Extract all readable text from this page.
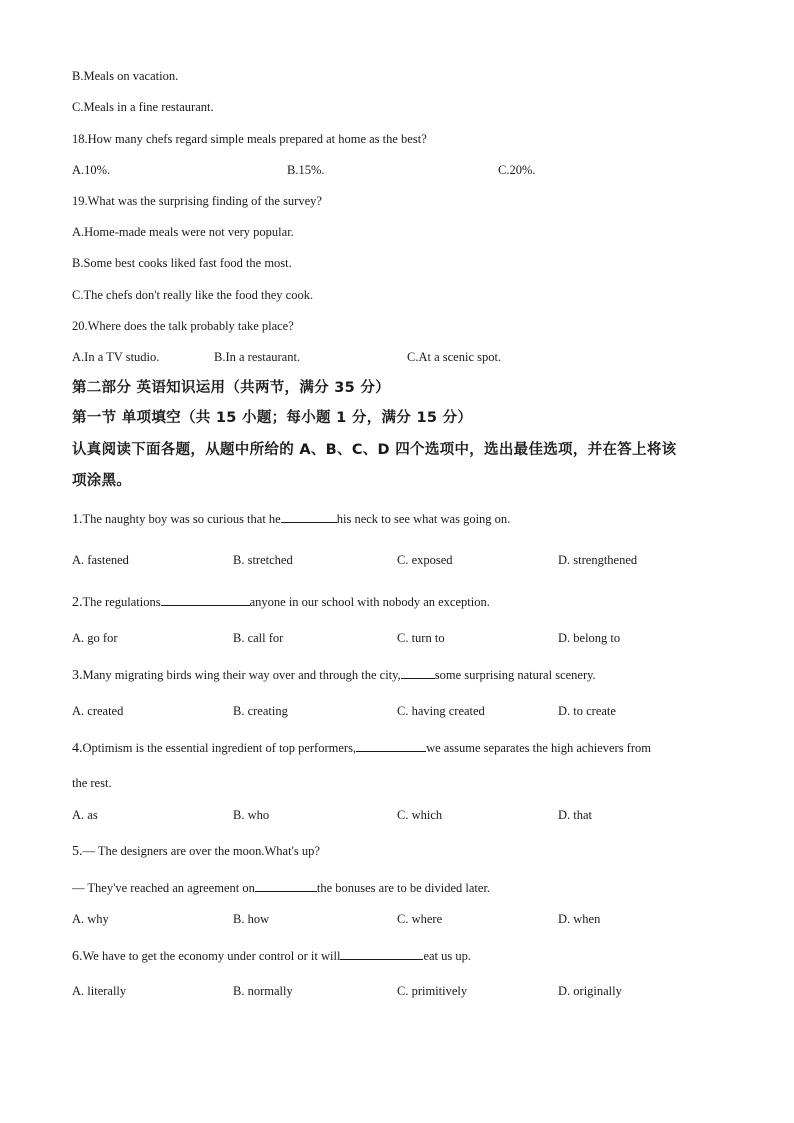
B.Meals on vacation.
C.Meals in a fine restaurant.
18.How many chefs regard simple meals prepared at home as the best?
A.10%.	B.15%.	C.20%.
19.What was the surprising finding of the survey?
A.Home-made meals were not very popular.
B.Some best cooks liked fast food the most.
C.The chefs don't really like the food they cook.
20.Where does the talk probably take place?
A.In a TV studio.	B.In a restaurant.	C.At a scenic spot.
第二部分 英语知识运用（共两节，满分 35 分）
第一节 单项填空（共 15 小题；每小题 1 分，满分 15 分）
认真阅读下面各题，从题中所给的 A、B、C、D 四个选项中，选出最佳选项，并在答上将该
项涂黑。
1.The naughty boy was so curious that he	his neck to see what was going on.
A. fastened	B. stretched	C. exposed	D. strengthened
2.The regulations	anyone in our school with nobody an exception.
A. go for	B. call for	C. turn to	D. belong to
3.Many migrating birds wing their way over and through the city,	some surprising natural scenery.
A. created	B. creating	C. having created	D. to create
4.Optimism is the essential ingredient of top performers,	we assume separates the high achievers from
the rest.
A. as	B. who	C. which	D. that
5.— The designers are over the moon.What's up?
— They've reached an agreement on	the bonuses are to be divided later.
A. why	B. how	C. where	D. when
6.We have to get the economy under control or it will	eat us up.
A. literally	B. normally	C. primitively	D. originally
